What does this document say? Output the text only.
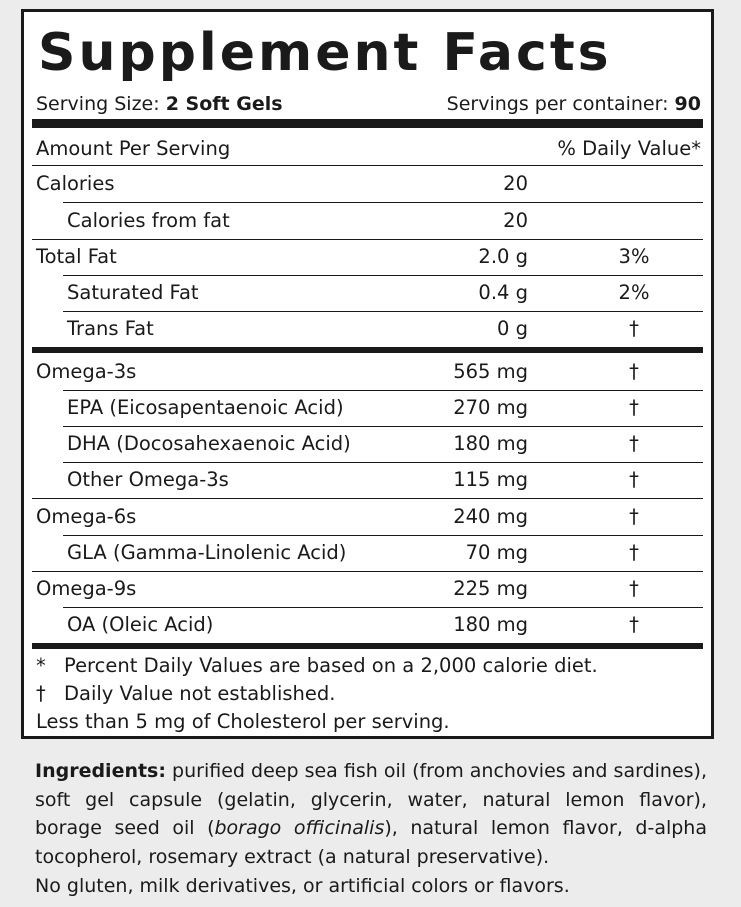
Supplement Facts
Serving Size: 2 Soft Gels	Servings per container: 90
Amount Per Serving	% Daily Value*
Calories	20
Calories from fat	20
Total Fat	2.0 g	3%
Saturated Fat	0.4 g	2%
Trans Fat	0 g	†
Omega-3s	565 mg	†
EPA (Eicosapentaenoic Acid)	270 mg	†
DHA (Docosahexaenoic Acid)	180 mg	†
Other Omega-3s	115 mg	†
Omega-6s	240 mg	†
GLA (Gamma-Linolenic Acid)	70 mg	†
Omega-9s	225 mg	†
OA (Oleic Acid)	180 mg	†
* Percent Daily Values are based on a 2,000 calorie diet.
† Daily Value not established.
Less than 5 mg of Cholesterol per serving.
Ingredients: purified deep sea fish oil (from anchovies and sardines), soft gel capsule (gelatin, glycerin, water, natural lemon flavor), borage seed oil (borago officinalis), natural lemon flavor, d-alpha tocopherol, rosemary extract (a natural preservative).
No gluten, milk derivatives, or artificial colors or flavors.
